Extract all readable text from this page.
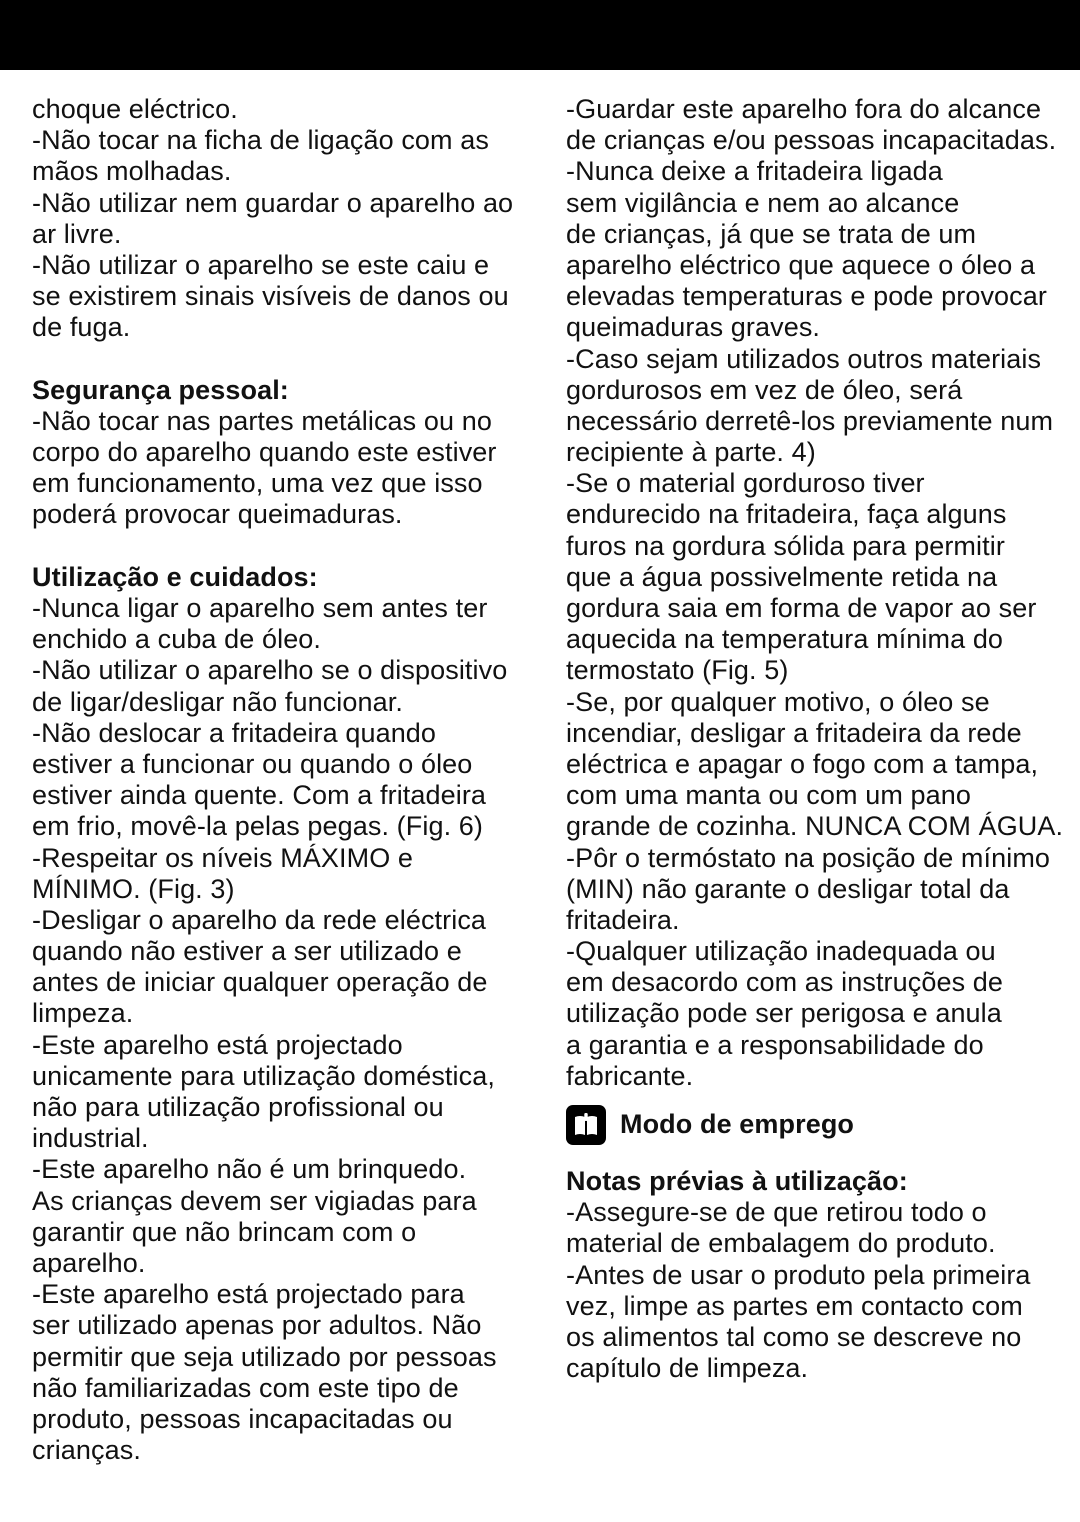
choque eléctrico.
-Não tocar na ficha de ligação com as
mãos molhadas.
-Não utilizar nem guardar o aparelho ao
ar livre.
-Não utilizar o aparelho se este caiu e
se existirem sinais visíveis de danos ou
de fuga.
Segurança pessoal:
-Não tocar nas partes metálicas ou no
corpo do aparelho quando este estiver
em funcionamento, uma vez que isso
poderá provocar queimaduras.
Utilização e cuidados:
-Nunca ligar o aparelho sem antes ter
enchido a cuba de óleo.
-Não utilizar o aparelho se o dispositivo
de ligar/desligar não funcionar.
-Não deslocar a fritadeira quando
estiver a funcionar ou quando o óleo
estiver ainda quente. Com a fritadeira
em frio, movê-la pelas pegas. (Fig. 6)
-Respeitar os níveis MÁXIMO e
MÍNIMO. (Fig. 3)
-Desligar o aparelho da rede eléctrica
quando não estiver a ser utilizado e
antes de iniciar qualquer operação de
limpeza.
-Este aparelho está projectado
unicamente para utilização doméstica,
não para utilização profissional ou
industrial.
-Este aparelho não é um brinquedo.
As crianças devem ser vigiadas para
garantir que não brincam com o
aparelho.
-Este aparelho está projectado para
ser utilizado apenas por adultos. Não
permitir que seja utilizado por pessoas
não familiarizadas com este tipo de
produto, pessoas incapacitadas ou
crianças.
-Guardar este aparelho fora do alcance
de crianças e/ou pessoas incapacitadas.
-Nunca deixe a fritadeira ligada
sem vigilância e nem ao alcance
de crianças, já que se trata de um
aparelho eléctrico que aquece o óleo a
elevadas temperaturas e pode provocar
queimaduras graves.
-Caso sejam utilizados outros materiais
gordurosos em vez de óleo, será
necessário derretê-los previamente num
recipiente à parte. 4)
-Se o material gorduroso tiver
endurecido na fritadeira, faça alguns
furos na gordura sólida para permitir
que a água possivelmente retida na
gordura saia em forma de vapor ao ser
aquecida na temperatura mínima do
termostato (Fig. 5)
-Se, por qualquer motivo, o óleo se
incendiar, desligar a fritadeira da rede
eléctrica e apagar o fogo com a tampa,
com uma manta ou com um pano
grande de cozinha. NUNCA COM ÁGUA.
-Pôr o termóstato na posição de mínimo
(MIN) não garante o desligar total da
fritadeira.
-Qualquer utilização inadequada ou
em desacordo com as instruções de
utilização pode ser perigosa e anula
a garantia e a responsabilidade do
fabricante.
Modo de emprego
Notas prévias à utilização:
-Assegure-se de que retirou todo o
material de embalagem do produto.
-Antes de usar o produto pela primeira
vez, limpe as partes em contacto com
os alimentos tal como se descreve no
capítulo de limpeza.
